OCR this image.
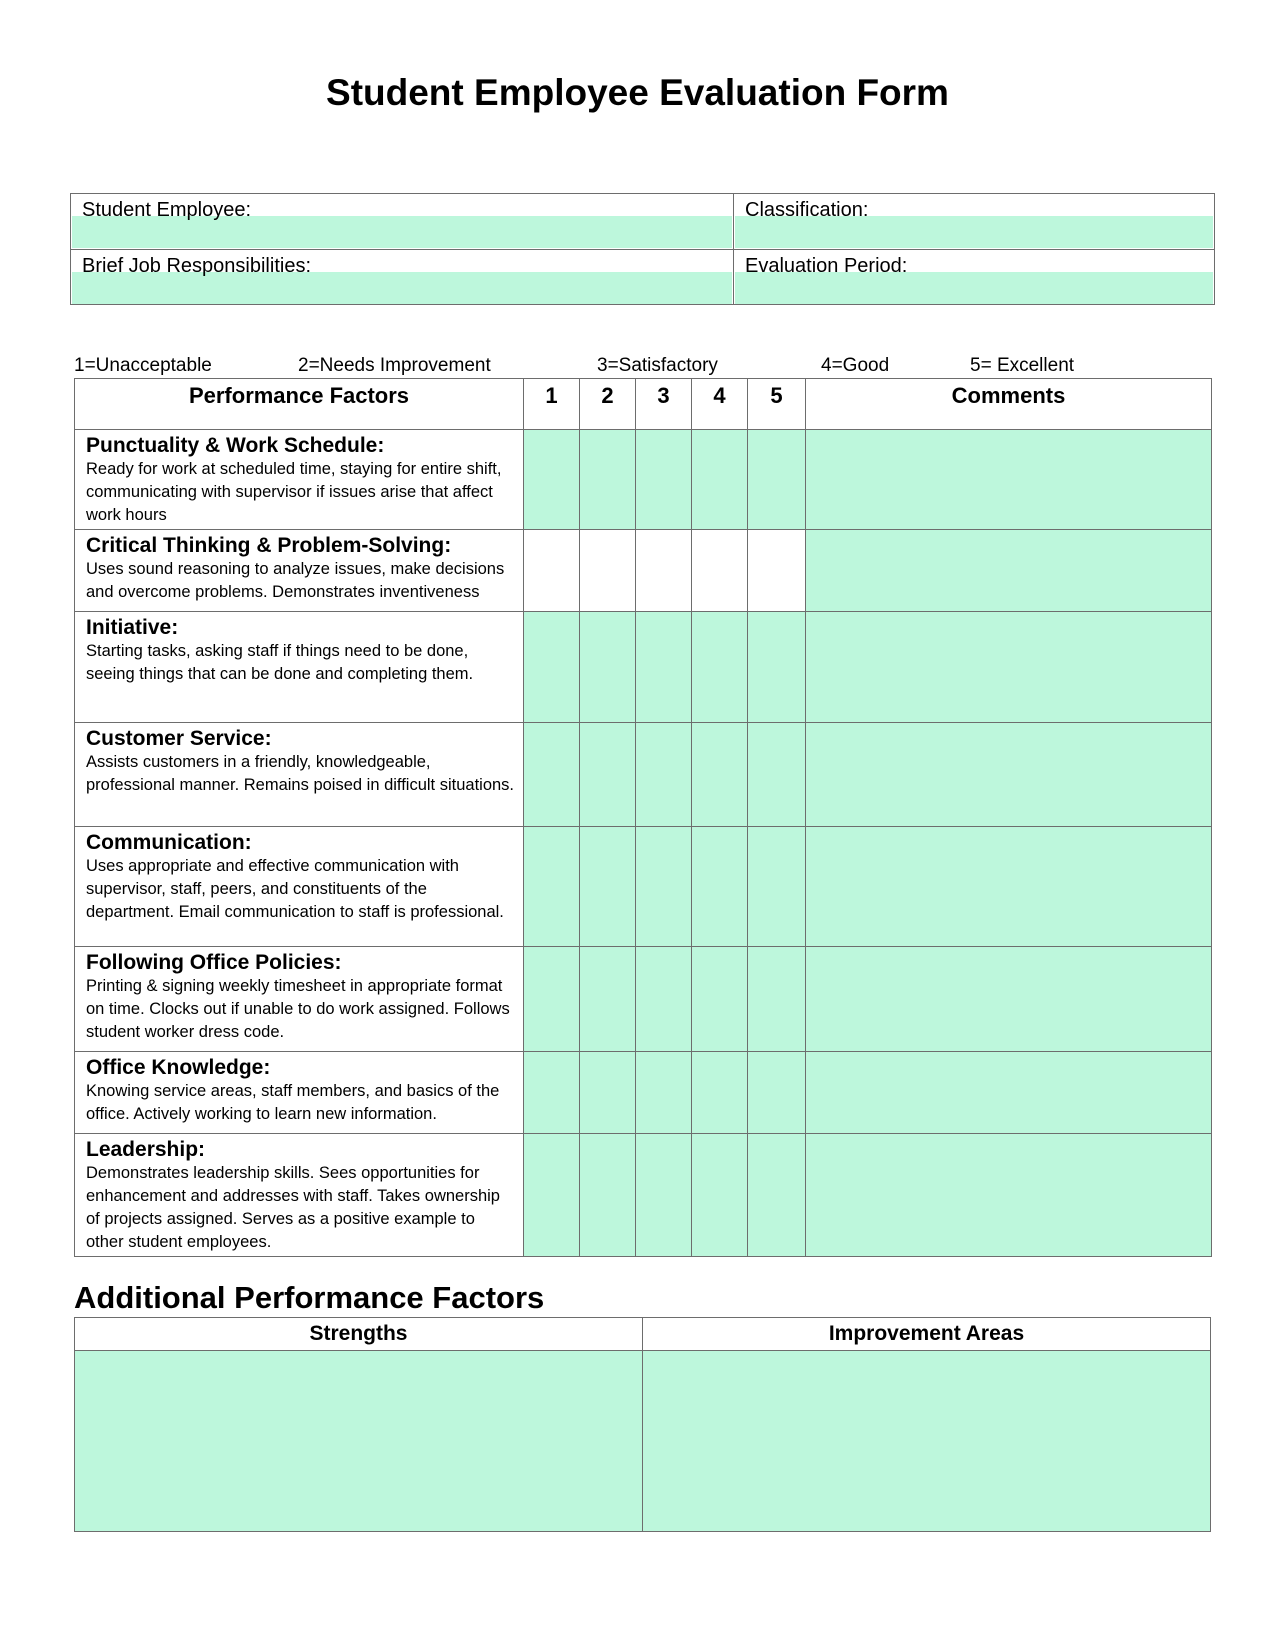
Student Employee Evaluation Form
Student Employee:	Classification:
Brief Job Responsibilities:	Evaluation Period:
1=Unacceptable	2=Needs Improvement	3=Satisfactory	4=Good	5= Excellent
Performance Factors	1	2	3	4	5	Comments

Punctuality & Work Schedule:
Ready for work at scheduled time, staying for entire shift, communicating with supervisor if issues arise that affect work hours						

Critical Thinking & Problem-Solving:
Uses sound reasoning to analyze issues, make decisions and overcome problems. Demonstrates inventiveness						

Initiative:
Starting tasks, asking staff if things need to be done, seeing things that can be done and completing them.						

Customer Service:
Assists customers in a friendly, knowledgeable, professional manner. Remains poised in difficult situations.						

Communication:
Uses appropriate and effective communication with supervisor, staff, peers, and constituents of the department. Email communication to staff is professional.						

Following Office Policies:
Printing & signing weekly timesheet in appropriate format on time. Clocks out if unable to do work assigned. Follows student worker dress code.						

Office Knowledge:
Knowing service areas, staff members, and basics of the office. Actively working to learn new information.						

Leadership:
Demonstrates leadership skills. Sees opportunities for enhancement and addresses with staff. Takes ownership of projects assigned. Serves as a positive example to other student employees.						

Additional Performance Factors
Strengths	Improvement Areas
